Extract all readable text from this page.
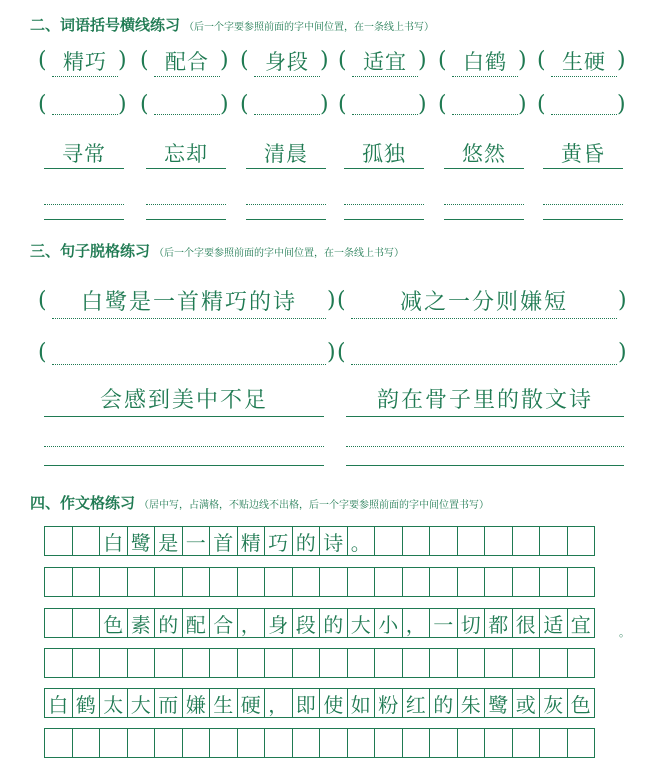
二、词语括号横线练习 （后一个字要参照前面的字中间位置，在一条线上书写）
( 精巧 ) ( 配合 ) ( 身段 ) ( 适宜 ) ( 白鹤 ) ( 生硬 )
(	) (	) (	) (	) (	) (	)
寻常	忘却	清晨	孤独	悠然	黄昏
三、句子脱格练习 （后一个字要参照前面的字中间位置，在一条线上书写）
(	白鹭是一首精巧的诗	) (	减之一分则嫌短	)
(	) (	)
会感到美中不足	韵在骨子里的散文诗
四、作文格练习 （居中写，占满格，不贴边线不出格，后一个字要参照前面的字中间位置书写）
白 鹭 是 一 首 精 巧 的 诗 。
色 素 的 配 合 ， 身 段 的 大 小 ， 一 切 都 很 适 宜
白 鹤 太 大 而 嫌 生 硬 ， 即 使 如 粉 红 的 朱 鹭 或 灰 色
。
